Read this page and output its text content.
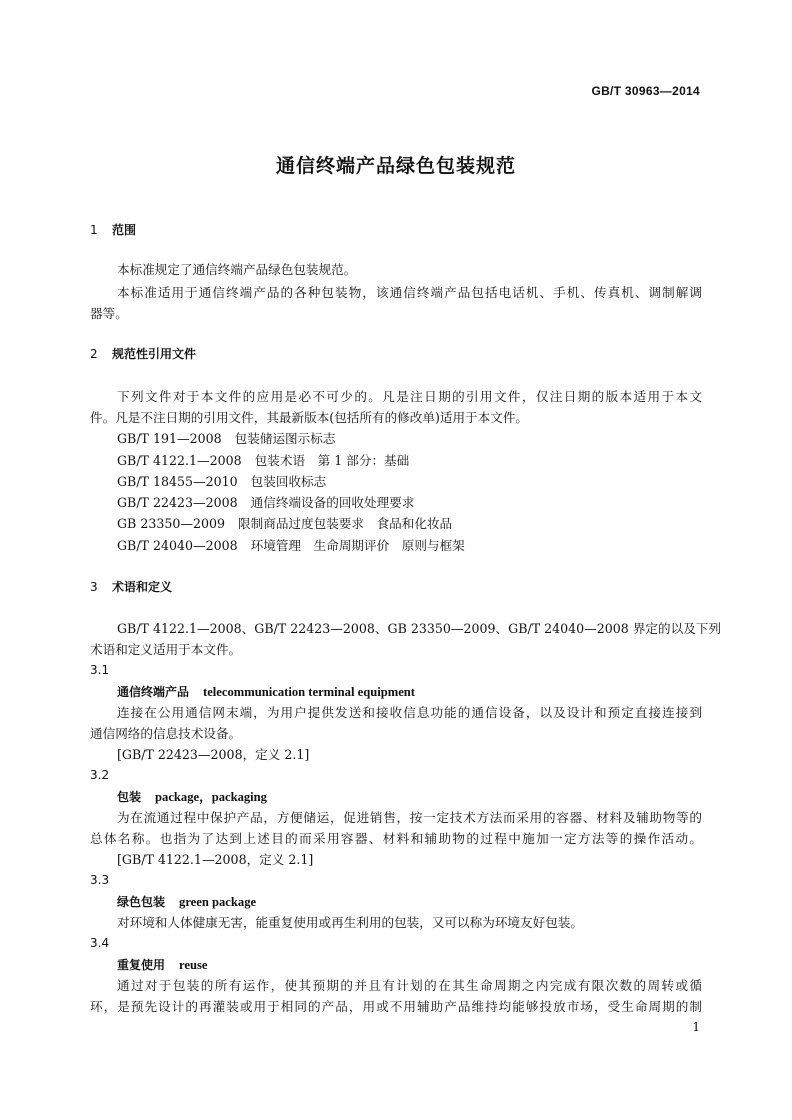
GB/T 30963—2014
通信终端产品绿色包装规范
1 范围
本标准规定了通信终端产品绿色包装规范。
本标准适用于通信终端产品的各种包装物，该通信终端产品包括电话机、手机、传真机、调制解调
器等。
2 规范性引用文件
下列文件对于本文件的应用是必不可少的。凡是注日期的引用文件，仅注日期的版本适用于本文
件。凡是不注日期的引用文件，其最新版本(包括所有的修改单)适用于本文件。
GB/T 191—2008 包装储运图示标志
GB/T 4122.1—2008 包装术语　第 1 部分：基础
GB/T 18455—2010 包装回收标志
GB/T 22423—2008 通信终端设备的回收处理要求
GB 23350—2009 限制商品过度包装要求　食品和化妆品
GB/T 24040—2008 环境管理　生命周期评价　原则与框架
3 术语和定义
GB/T 4122.1—2008、GB/T 22423—2008、GB 23350—2009、GB/T 24040—2008 界定的以及下列
术语和定义适用于本文件。
3.1
通信终端产品 telecommunication terminal equipment
连接在公用通信网末端，为用户提供发送和接收信息功能的通信设备，以及设计和预定直接连接到
通信网络的信息技术设备。
[GB/T 22423—2008，定义 2.1]
3.2
包装 package，packaging
为在流通过程中保护产品，方便储运，促进销售，按一定技术方法而采用的容器、材料及辅助物等的
总体名称。也指为了达到上述目的而采用容器、材料和辅助物的过程中施加一定方法等的操作活动。
[GB/T 4122.1—2008，定义 2.1]
3.3
绿色包装 green package
对环境和人体健康无害，能重复使用或再生利用的包装，又可以称为环境友好包装。
3.4
重复使用 reuse
通过对于包装的所有运作，使其预期的并且有计划的在其生命周期之内完成有限次数的周转或循
环，是预先设计的再灌装或用于相同的产品，用或不用辅助产品维持均能够投放市场，受生命周期的制
1
